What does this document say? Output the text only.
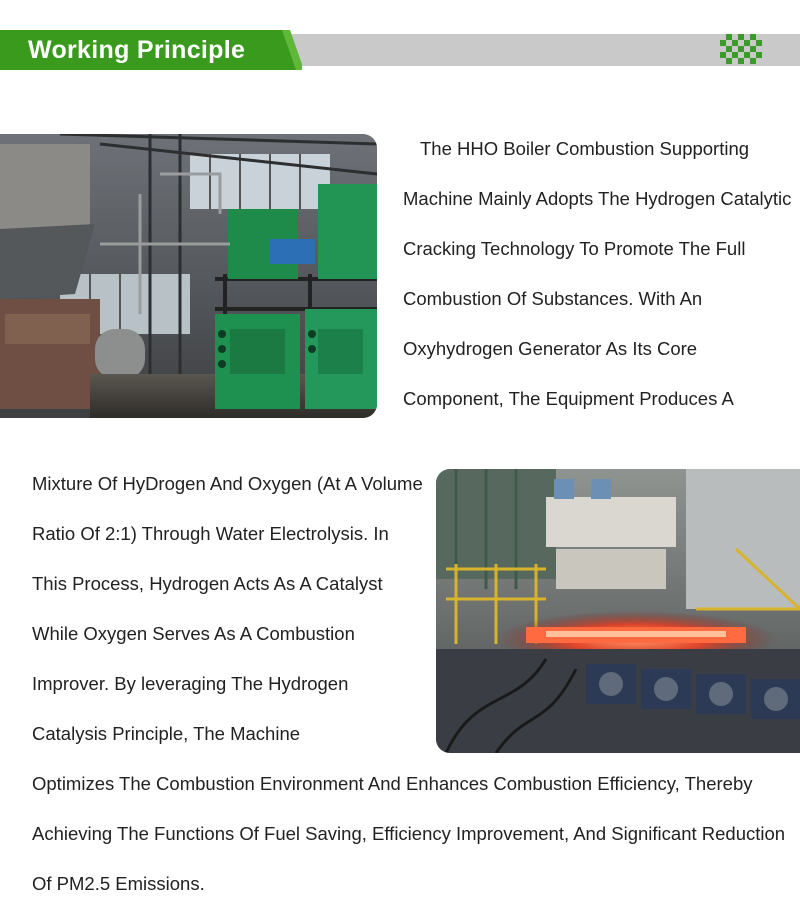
Working Principle

The HHO Boiler Combustion Supporting Machine Mainly Adopts The Hydrogen Catalytic Cracking Technology To Promote The Full Combustion Of Substances. With An Oxyhydrogen Generator As Its Core Component, The Equipment Produces A

Mixture Of HyDrogen And Oxygen (At A Volume Ratio Of 2:1) Through Water Electrolysis. In This Process, Hydrogen Acts As A Catalyst While Oxygen Serves As A Combustion Improver. By leveraging The Hydrogen Catalysis Principle, The Machine

Optimizes The Combustion Environment And Enhances Combustion Efficiency, Thereby Achieving The Functions Of Fuel Saving, Efficiency Improvement, And Significant Reduction Of PM2.5 Emissions.
